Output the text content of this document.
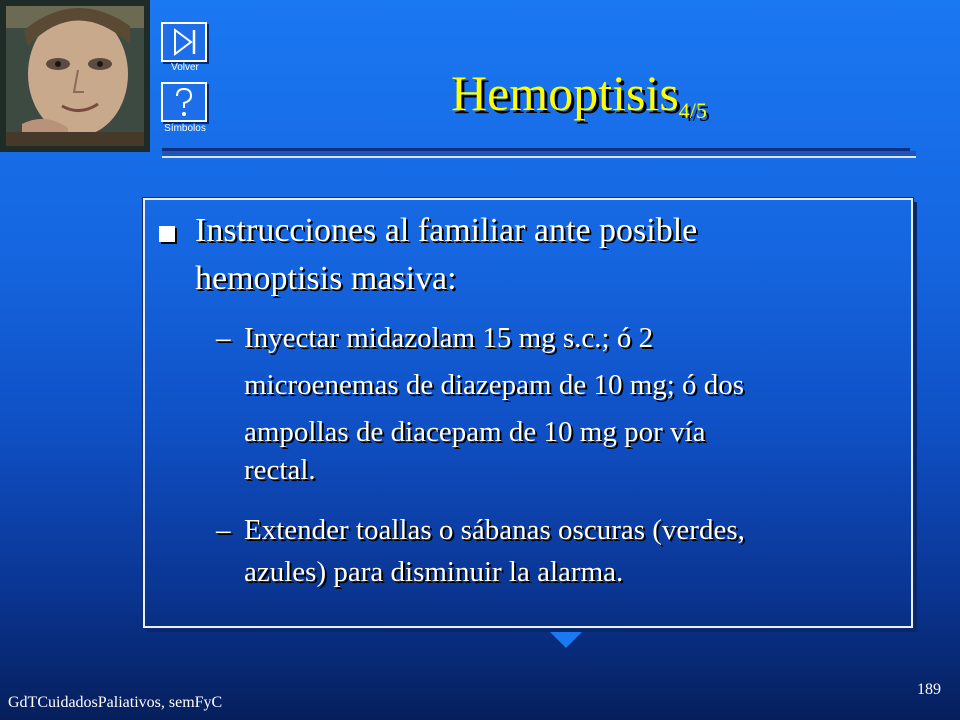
Volver
Símbolos
Hemoptisis$_{4/5}$
Instrucciones al familiar ante posible
hemoptisis masiva:
– Inyectar midazolam 15 mg s.c.; ó 2
microenemas de diazepam de 10 mg; ó dos
ampollas de diacepam de 10 mg por vía
rectal.
– Extender toallas o sábanas oscuras (verdes,
azules) para disminuir la alarma.
GdTCuidadosPaliativos, semFyC
189
